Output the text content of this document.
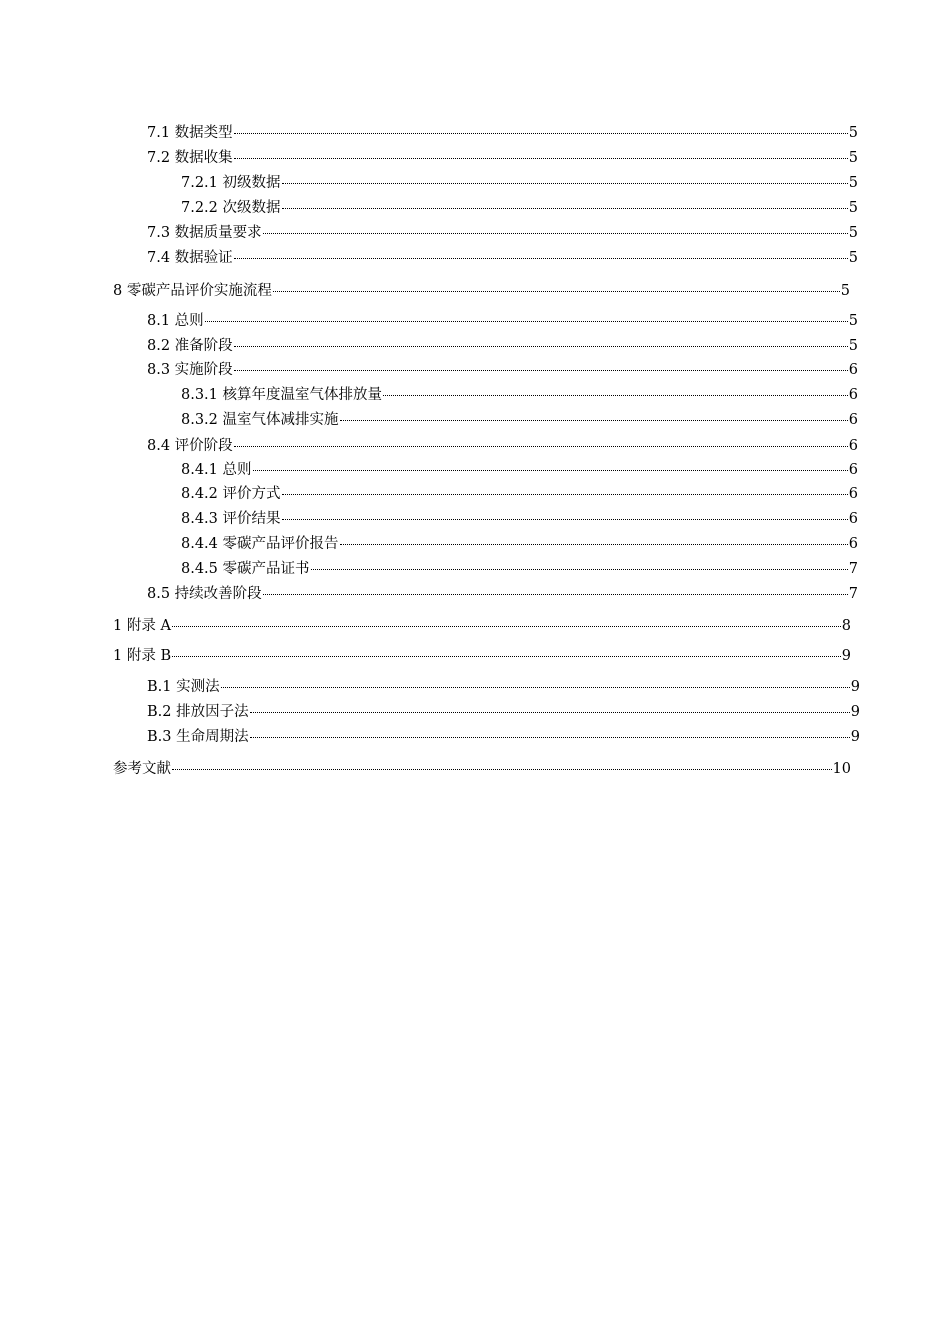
7.1 数据类型	5
7.2 数据收集	5
7.2.1 初级数据	5
7.2.2 次级数据	5
7.3 数据质量要求	5
7.4 数据验证	5
8 零碳产品评价实施流程	5
8.1 总则	5
8.2 准备阶段	5
8.3 实施阶段	6
8.3.1 核算年度温室气体排放量	6
8.3.2 温室气体减排实施	6
8.4 评价阶段	6
8.4.1 总则	6
8.4.2 评价方式	6
8.4.3 评价结果	6
8.4.4 零碳产品评价报告	6
8.4.5 零碳产品证书	7
8.5 持续改善阶段	7
1 附录 A	8
1 附录 B	9
B.1 实测法	9
B.2 排放因子法	9
B.3 生命周期法	9
参考文献	10
